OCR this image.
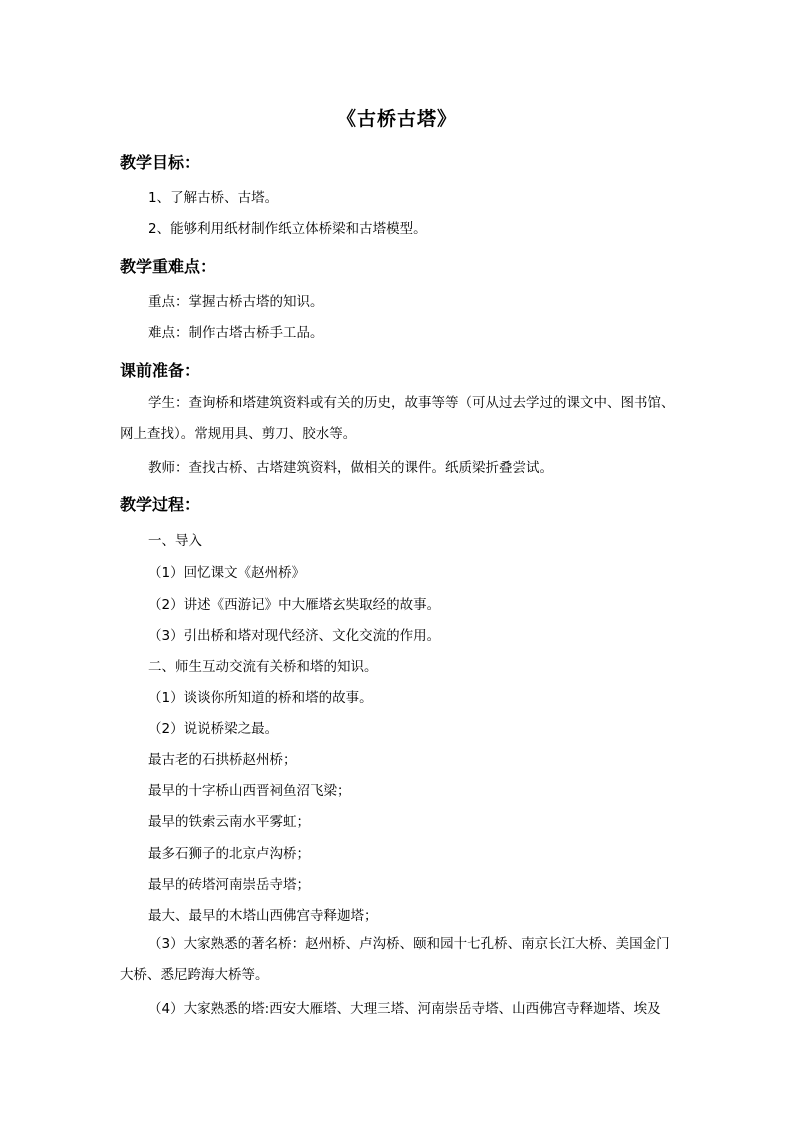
《古桥古塔》
教学目标：
1、了解古桥、古塔。
2、能够利用纸材制作纸立体桥梁和古塔模型。
教学重难点：
重点：掌握古桥古塔的知识。
难点：制作古塔古桥手工品。
课前准备：
学生：查询桥和塔建筑资料或有关的历史，故事等等（可从过去学过的课文中、图书馆、网上查找）。常规用具、剪刀、胶水等。
教师：查找古桥、古塔建筑资料，做相关的课件。纸质梁折叠尝试。
教学过程：
一、导入
（1）回忆课文《赵州桥》
（2）讲述《西游记》中大雁塔玄奘取经的故事。
（3）引出桥和塔对现代经济、文化交流的作用。
二、师生互动交流有关桥和塔的知识。
（1）谈谈你所知道的桥和塔的故事。
（2）说说桥梁之最。
最古老的石拱桥赵州桥；
最早的十字桥山西晋祠鱼沼飞梁；
最早的铁索云南水平雾虹；
最多石狮子的北京卢沟桥；
最早的砖塔河南崇岳寺塔；
最大、最早的木塔山西佛宫寺释迦塔；
（3）大家熟悉的著名桥：赵州桥、卢沟桥、颐和园十七孔桥、南京长江大桥、美国金门大桥、悉尼跨海大桥等。
（4）大家熟悉的塔:西安大雁塔、大理三塔、河南崇岳寺塔、山西佛宫寺释迦塔、埃及
